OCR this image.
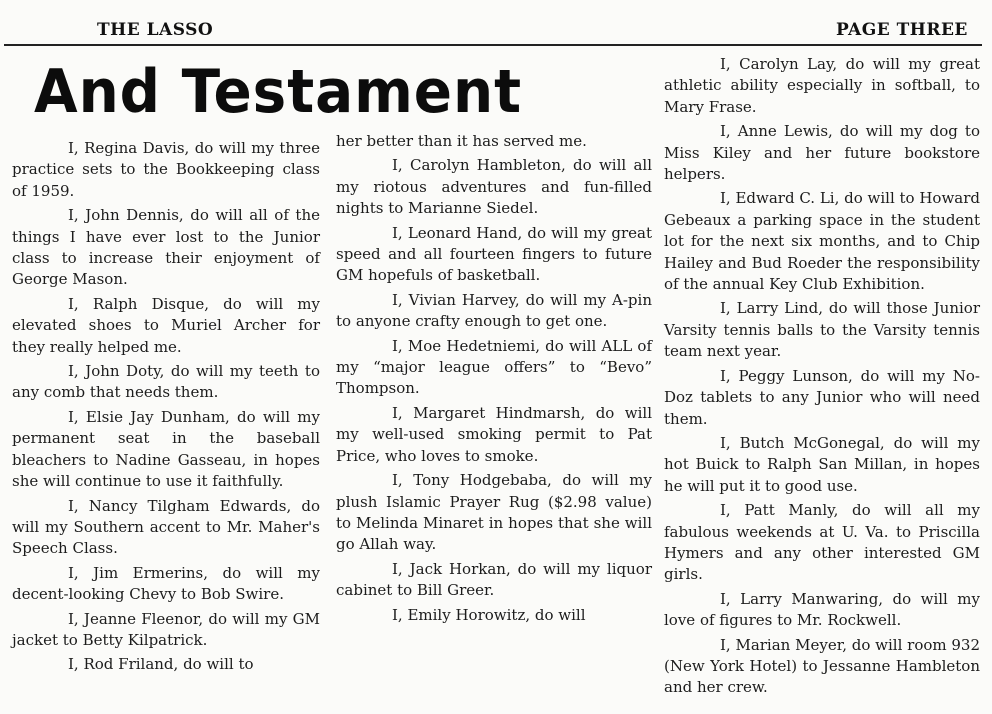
THE LASSO	PAGE THREE
And Testament

I, Regina Davis, do will my three practice sets to the Bookkeeping class of 1959.

I, John Dennis, do will all of the things I have ever lost to the Junior class to increase their enjoyment of George Mason.

I, Ralph Disque, do will my elevated shoes to Muriel Archer for they really helped me.

I, John Doty, do will my teeth to any comb that needs them.

I, Elsie Jay Dunham, do will my permanent seat in the baseball bleachers to Nadine Gasseau, in hopes she will continue to use it faithfully.

I, Nancy Tilgham Edwards, do will my Southern accent to Mr. Maher's Speech Class.

I, Jim Ermerins, do will my decent-looking Chevy to Bob Swire.

I, Jeanne Fleenor, do will my GM jacket to Betty Kilpatrick.

I, Rod Friland, do will to

her better than it has served me.

I, Carolyn Hambleton, do will all my riotous adventures and fun-filled nights to Marianne Siedel.

I, Leonard Hand, do will my great speed and all fourteen fingers to future GM hopefuls of basketball.

I, Vivian Harvey, do will my A-pin to anyone crafty enough to get one.

I, Moe Hedetniemi, do will ALL of my “major league offers” to “Bevo” Thompson.

I, Margaret Hindmarsh, do will my well-used smoking permit to Pat Price, who loves to smoke.

I, Tony Hodgebaba, do will my plush Islamic Prayer Rug ($2.98 value) to Melinda Minaret in hopes that she will go Allah way.

I, Jack Horkan, do will my liquor cabinet to Bill Greer.

I, Emily Horowitz, do will

I, Carolyn Lay, do will my great athletic ability especially in softball, to Mary Frase.

I, Anne Lewis, do will my dog to Miss Kiley and her future bookstore helpers.

I, Edward C. Li, do will to Howard Gebeaux a parking space in the student lot for the next six months, and to Chip Hailey and Bud Roeder the responsibility of the annual Key Club Exhibition.

I, Larry Lind, do will those Junior Varsity tennis balls to the Varsity tennis team next year.

I, Peggy Lunson, do will my No-Doz tablets to any Junior who will need them.

I, Butch McGonegal, do will my hot Buick to Ralph San Millan, in hopes he will put it to good use.

I, Patt Manly, do will all my fabulous weekends at U. Va. to Priscilla Hymers and any other interested GM girls.

I, Larry Manwaring, do will my love of figures to Mr. Rockwell.

I, Marian Meyer, do will room 932 (New York Hotel) to Jessanne Hambleton and her crew.
